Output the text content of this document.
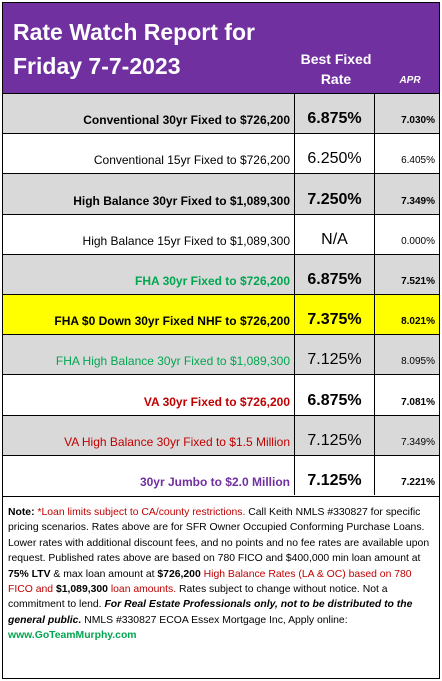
Rate Watch Report for
Friday 7-7-2023	Best Fixed
Rate	APR
Conventional 30yr Fixed to $726,200	6.875%	7.030%
Conventional 15yr Fixed to $726,200	6.250%	6.405%
High Balance 30yr Fixed to $1,089,300	7.250%	7.349%
High Balance 15yr Fixed to $1,089,300	N/A	0.000%
FHA 30yr Fixed to $726,200	6.875%	7.521%
FHA $0 Down 30yr Fixed NHF to $726,200	7.375%	8.021%
FHA High Balance 30yr Fixed to $1,089,300	7.125%	8.095%
VA 30yr Fixed to $726,200	6.875%	7.081%
VA High Balance 30yr Fixed to $1.5 Million	7.125%	7.349%
30yr Jumbo to $2.0 Million	7.125%	7.221%
Note: *Loan limits subject to CA/county restrictions. Call Keith NMLS #330827 for specific pricing scenarios. Rates above are for SFR Owner Occupied Conforming Purchase Loans. Lower rates with additional discount fees, and no points and no fee rates are available upon request. Published rates above are based on 780 FICO and $400,000 min loan amount at 75% LTV & max loan amount at $726,200 High Balance Rates (LA & OC) based on 780 FICO and $1,089,300 loan amounts. Rates subject to change without notice. Not a commitment to lend. For Real Estate Professionals only, not to be distributed to the general public. NMLS #330827 ECOA Essex Mortgage Inc, Apply online: www.GoTeamMurphy.com
